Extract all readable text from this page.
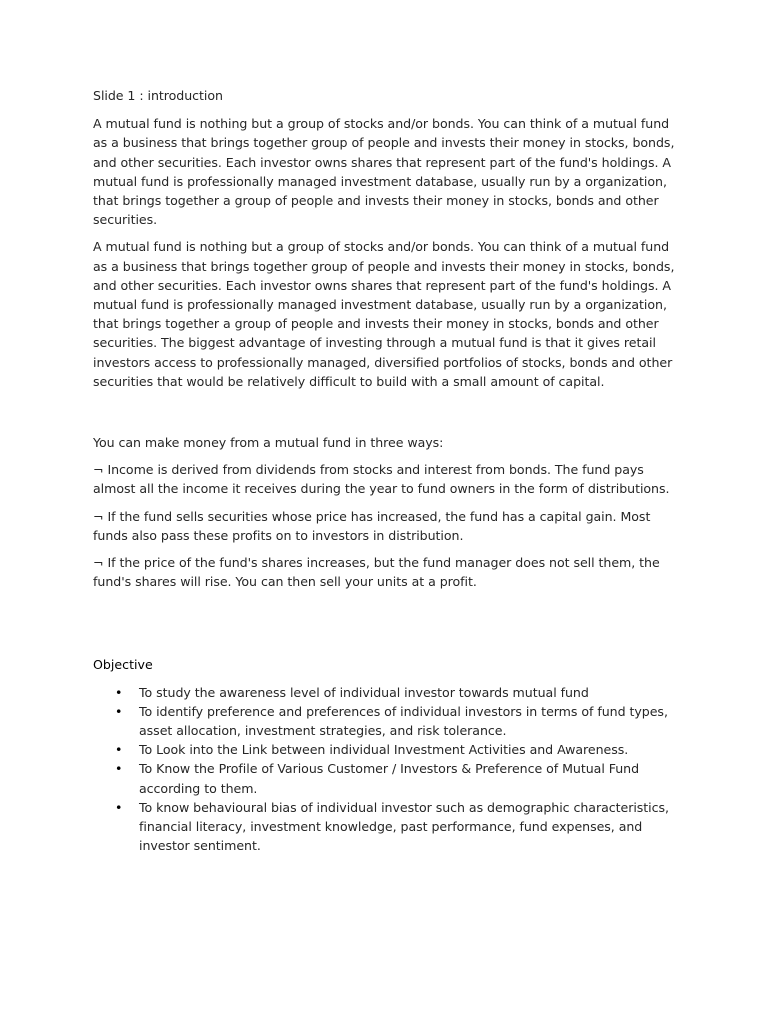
Slide 1 : introduction

A mutual fund is nothing but a group of stocks and/or bonds. You can think of a mutual fund as a business that brings together group of people and invests their money in stocks, bonds, and other securities. Each investor owns shares that represent part of the fund's holdings. A mutual fund is professionally managed investment database, usually run by a organization, that brings together a group of people and invests their money in stocks, bonds and other securities.

A mutual fund is nothing but a group of stocks and/or bonds. You can think of a mutual fund as a business that brings together group of people and invests their money in stocks, bonds, and other securities. Each investor owns shares that represent part of the fund's holdings. A mutual fund is professionally managed investment database, usually run by a organization, that brings together a group of people and invests their money in stocks, bonds and other securities. The biggest advantage of investing through a mutual fund is that it gives retail investors access to professionally managed, diversified portfolios of stocks, bonds and other securities that would be relatively difficult to build with a small amount of capital.

You can make money from a mutual fund in three ways:

¬ Income is derived from dividends from stocks and interest from bonds. The fund pays almost all the income it receives during the year to fund owners in the form of distributions.

¬ If the fund sells securities whose price has increased, the fund has a capital gain. Most funds also pass these profits on to investors in distribution.

¬ If the price of the fund's shares increases, but the fund manager does not sell them, the fund's shares will rise. You can then sell your units at a profit.

Objective

• To study the awareness level of individual investor towards mutual fund
• To identify preference and preferences of individual investors in terms of fund types, asset allocation, investment strategies, and risk tolerance.
• To Look into the Link between individual Investment Activities and Awareness.
• To Know the Profile of Various Customer / Investors & Preference of Mutual Fund according to them.
• To know behavioural bias of individual investor such as demographic characteristics, financial literacy, investment knowledge, past performance, fund expenses, and investor sentiment.
